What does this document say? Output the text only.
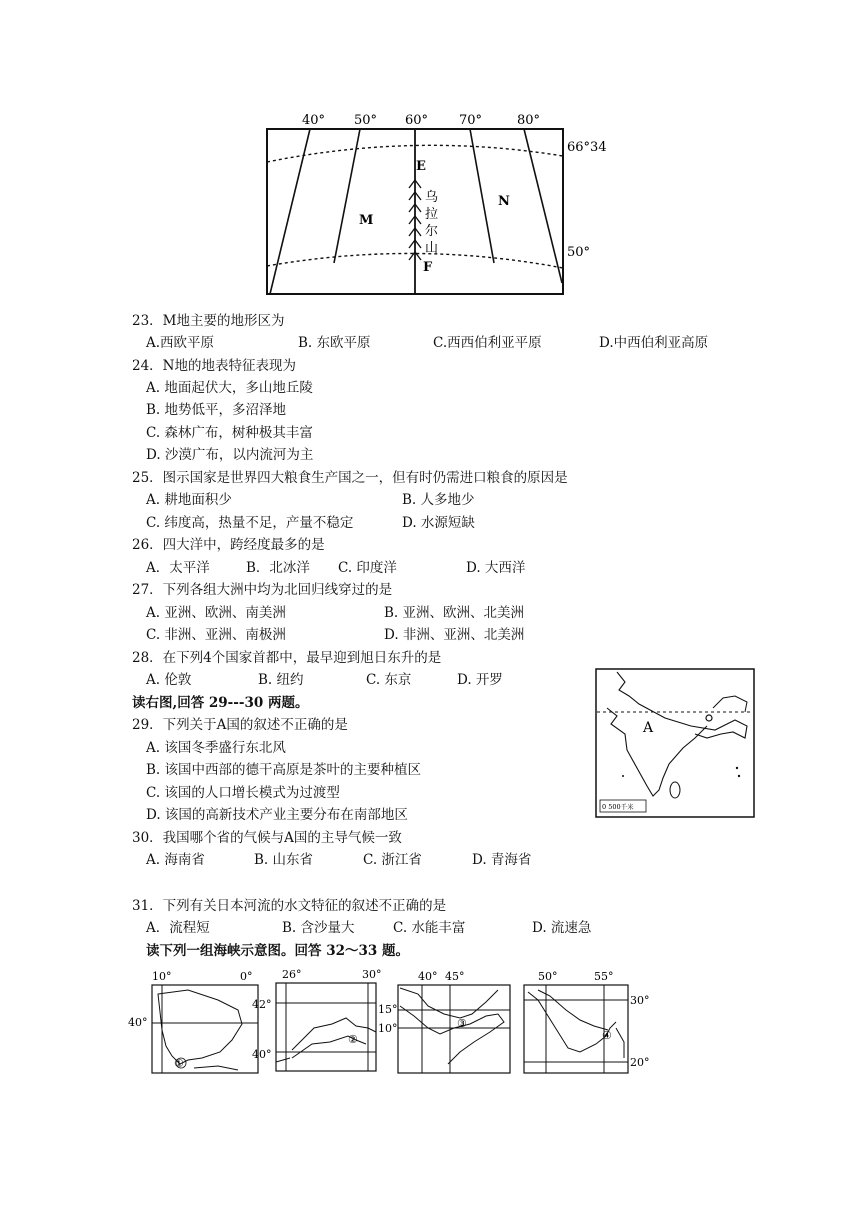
40° 50° 60° 70°	80°
66°34
50°
M
N
E
F
乌
拉
尔
山
23．M地主要的地形区为
A.西欧平原	B. 东欧平原	C.西西伯利亚平原	D.中西伯利亚高原
24．N地的地表特征表现为
A. 地面起伏大，多山地丘陵
B. 地势低平，多沼泽地
C. 森林广布，树种极其丰富
D. 沙漠广布，以内流河为主
25．图示国家是世界四大粮食生产国之一，但有时仍需进口粮食的原因是
A. 耕地面积少	B. 人多地少
C. 纬度高，热量不足，产量不稳定	D. 水源短缺
26．四大洋中，跨经度最多的是
A．太平洋	B．北冰洋 C. 印度洋	D. 大西洋
27．下列各组大洲中均为北回归线穿过的是
A. 亚洲、欧洲、南美洲	B. 亚洲、欧洲、北美洲
C. 非洲、亚洲、南极洲	D. 非洲、亚洲、北美洲
28．在下列4个国家首都中，最早迎到旭日东升的是
A. 伦敦	B. 纽约	C. 东京	D. 开罗
读右图,回答 29---30 两题。
A
0 500千米
29．下列关于A国的叙述不正确的是
A. 该国冬季盛行东北风
B. 该国中西部的德干高原是茶叶的主要种植区
C. 该国的人口增长模式为过渡型
D. 该国的高新技术产业主要分布在南部地区
30．我国哪个省的气候与A国的主导气候一致
A. 海南省	B. 山东省	C. 浙江省	D. 青海省
31．下列有关日本河流的水文特征的叙述不正确的是
A．流程短	B. 含沙量大	C. 水能丰富	D. 流速急
读下列一组海峡示意图。回答 32～33 题。
10°	0°
40°
①
26°	30°
42°
40°
②
40° 45°
15°
10°	③
50°	55°
30°
20°
④
